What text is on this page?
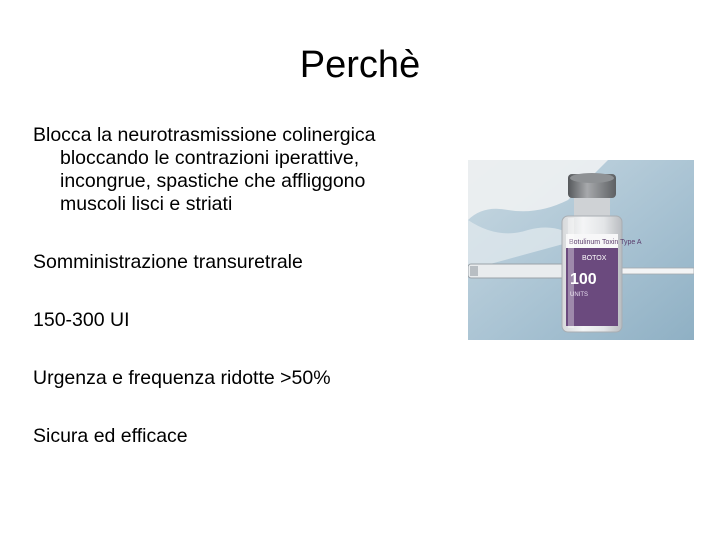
Perchè

Blocca la neurotrasmissione colinergica bloccando le contrazioni iperattive, incongrue, spastiche che affliggono muscoli lisci e striati

Somministrazione transuretrale

150-300 UI

Urgenza e frequenza ridotte >50%

Sicura ed efficace

Botulinum Toxin Type A
BOTOX
100
UNITS
